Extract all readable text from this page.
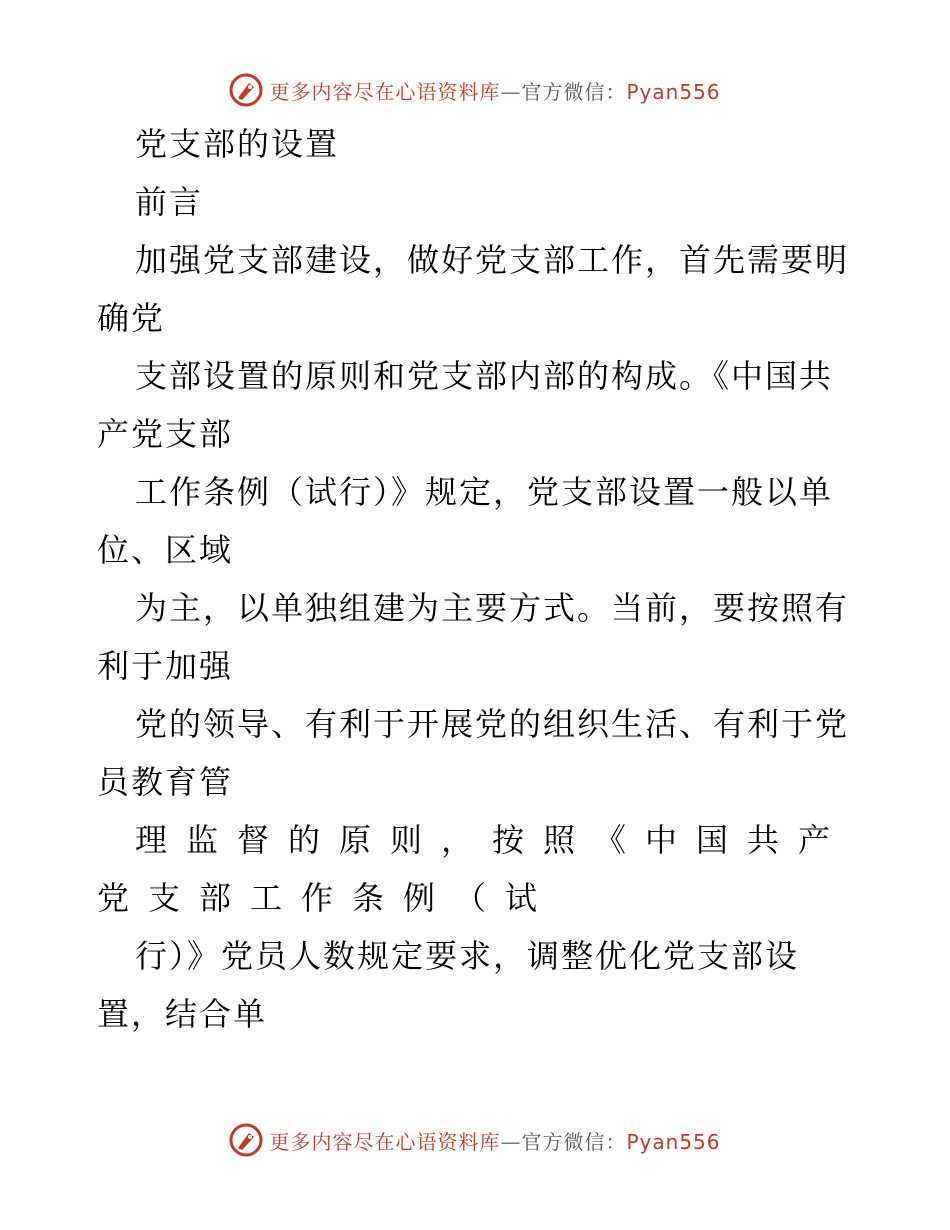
更多内容尽在心语资料库—官方微信：Pyan556
党支部的设置
前言
加强党支部建设，做好党支部工作，首先需要明
确党
支部设置的原则和党支部内部的构成。《中国共
产党支部
工作条例（试行）》规定，党支部设置一般以单
位、区域
为主，以单独组建为主要方式。当前，要按照有
利于加强
党的领导、有利于开展党的组织生活、有利于党
员教育管
理监督的原则，按照《中国共产
党支部工作条例（试
行）》党员人数规定要求，调整优化党支部设
置，结合单
更多内容尽在心语资料库—官方微信：Pyan556
